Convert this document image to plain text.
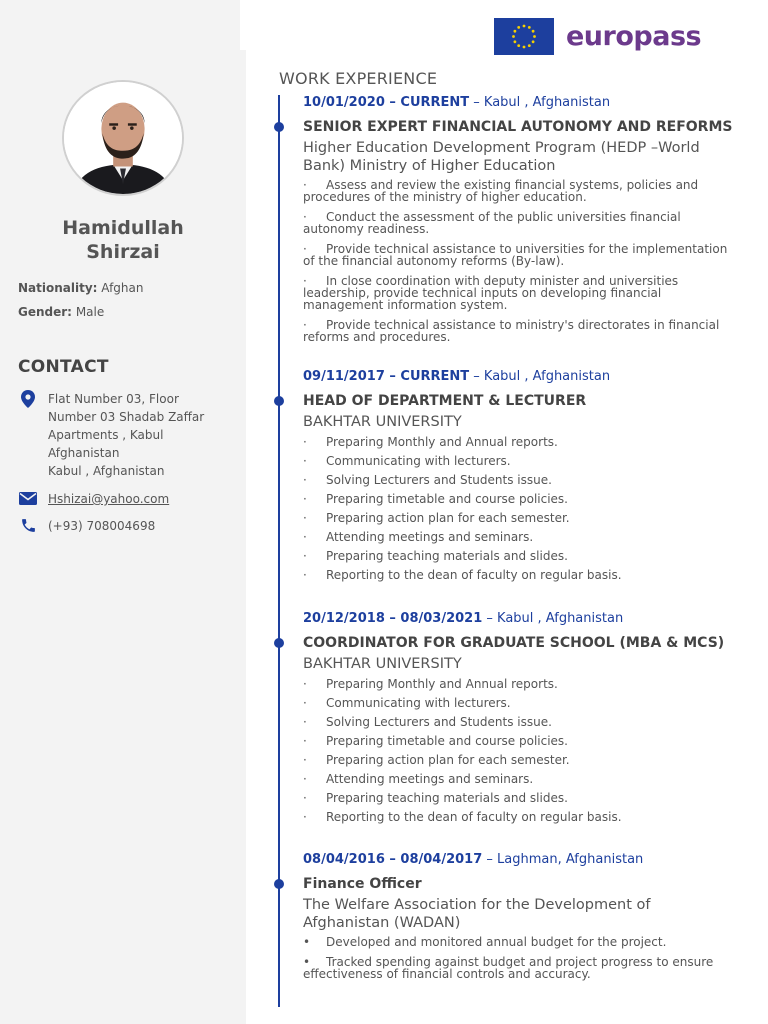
Hamidullah Shirzai
Nationality: Afghan
Gender: Male
CONTACT
Flat Number 03, Floor Number 03 Shadab Zaffar Apartments , Kabul Afghanistan
Kabul , Afghanistan
Hshizai@yahoo.com
(+93) 708004698
europass
WORK EXPERIENCE
10/01/2020 – CURRENT – Kabul , Afghanistan
SENIOR EXPERT FINANCIAL AUTONOMY AND REFORMS
Higher Education Development Program (HEDP –World Bank) Ministry of Higher Education
· Assess and review the existing financial systems, policies and procedures of the ministry of higher education.
· Conduct the assessment of the public universities financial autonomy readiness.
· Provide technical assistance to universities for the implementation of the financial autonomy reforms (By-law).
· In close coordination with deputy minister and universities leadership, provide technical inputs on developing financial management information system.
· Provide technical assistance to ministry's directorates in financial reforms and procedures.
09/11/2017 – CURRENT – Kabul , Afghanistan
HEAD OF DEPARTMENT & LECTURER
BAKHTAR UNIVERSITY
· Preparing Monthly and Annual reports.
· Communicating with lecturers.
· Solving Lecturers and Students issue.
· Preparing timetable and course policies.
· Preparing action plan for each semester.
· Attending meetings and seminars.
· Preparing teaching materials and slides.
· Reporting to the dean of faculty on regular basis.
20/12/2018 – 08/03/2021 – Kabul , Afghanistan
COORDINATOR FOR GRADUATE SCHOOL (MBA & MCS)
BAKHTAR UNIVERSITY
· Preparing Monthly and Annual reports.
· Communicating with lecturers.
· Solving Lecturers and Students issue.
· Preparing timetable and course policies.
· Preparing action plan for each semester.
· Attending meetings and seminars.
· Preparing teaching materials and slides.
· Reporting to the dean of faculty on regular basis.
08/04/2016 – 08/04/2017 – Laghman, Afghanistan
Finance Officer
The Welfare Association for the Development of Afghanistan (WADAN)
• Developed and monitored annual budget for the project.
• Tracked spending against budget and project progress to ensure effectiveness of financial controls and accuracy.
